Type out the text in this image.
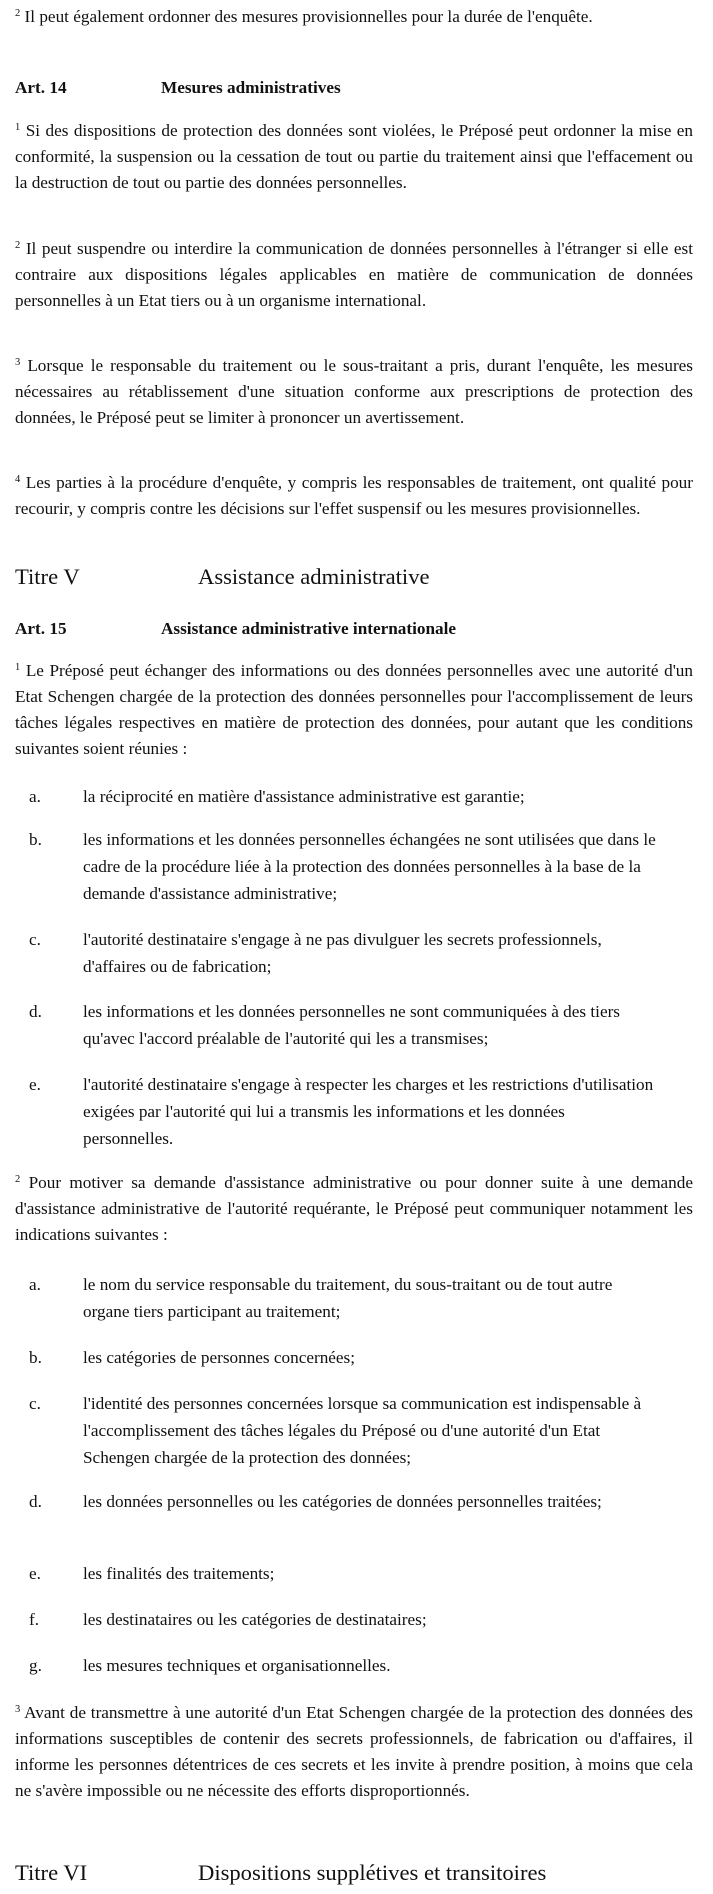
$^2$ Il peut également ordonner des mesures provisionnelles pour la durée de l'enquête.

Art. 14	Mesures administratives

$^1$ Si des dispositions de protection des données sont violées, le Préposé peut ordonner la mise en conformité, la suspension ou la cessation de tout ou partie du traitement ainsi que l'effacement ou la destruction de tout ou partie des données personnelles.

$^2$ Il peut suspendre ou interdire la communication de données personnelles à l'étranger si elle est contraire aux dispositions légales applicables en matière de communication de données personnelles à un Etat tiers ou à un organisme international.

$^3$ Lorsque le responsable du traitement ou le sous-traitant a pris, durant l'enquête, les mesures nécessaires au rétablissement d'une situation conforme aux prescriptions de protection des données, le Préposé peut se limiter à prononcer un avertissement.

$^4$ Les parties à la procédure d'enquête, y compris les responsables de traitement, ont qualité pour recourir, y compris contre les décisions sur l'effet suspensif ou les mesures provisionnelles.

Titre V	Assistance administrative
Art. 15	Assistance administrative internationale

$^1$ Le Préposé peut échanger des informations ou des données personnelles avec une autorité d'un Etat Schengen chargée de la protection des données personnelles pour l'accomplissement de leurs tâches légales respectives en matière de protection des données, pour autant que les conditions suivantes soient réunies :

a. la réciprocité en matière d'assistance administrative est garantie;
b. les informations et les données personnelles échangées ne sont utilisées que dans le cadre de la procédure liée à la protection des données personnelles à la base de la demande d'assistance administrative;
c. l'autorité destinataire s'engage à ne pas divulguer les secrets professionnels, d'affaires ou de fabrication;
d. les informations et les données personnelles ne sont communiquées à des tiers qu'avec l'accord préalable de l'autorité qui les a transmises;
e. l'autorité destinataire s'engage à respecter les charges et les restrictions d'utilisation exigées par l'autorité qui lui a transmis les informations et les données personnelles.

$^2$ Pour motiver sa demande d'assistance administrative ou pour donner suite à une demande d'assistance administrative de l'autorité requérante, le Préposé peut communiquer notamment les indications suivantes :

a. le nom du service responsable du traitement, du sous-traitant ou de tout autre organe tiers participant au traitement;
b. les catégories de personnes concernées;
c. l'identité des personnes concernées lorsque sa communication est indispensable à l'accomplissement des tâches légales du Préposé ou d'une autorité d'un Etat Schengen chargée de la protection des données;
d. les données personnelles ou les catégories de données personnelles traitées;
e. les finalités des traitements;
f.	les destinataires ou les catégories de destinataires;
g. les mesures techniques et organisationnelles.

$^3$ Avant de transmettre à une autorité d'un Etat Schengen chargée de la protection des données des informations susceptibles de contenir des secrets professionnels, de fabrication ou d'affaires, il informe les personnes détentrices de ces secrets et les invite à prendre position, à moins que cela ne s'avère impossible ou ne nécessite des efforts disproportionnés.

Titre VI	Dispositions supplétives et transitoires
